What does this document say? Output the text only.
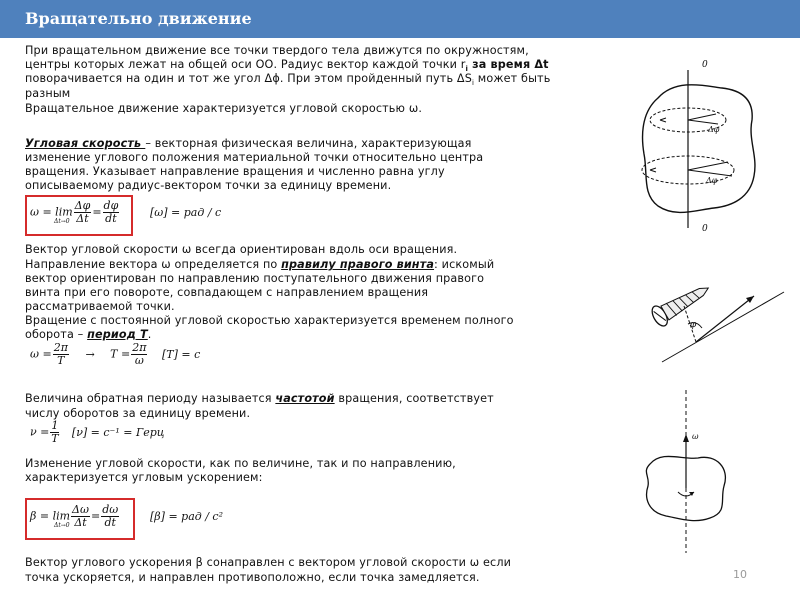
Вращательно движение
При вращательном движение все точки твердого тела движутся по окружностям,
центры которых лежат на общей оси ОО. Радиус вектор каждой точки $r_i$ за время Δt
поворачивается на один и тот же угол Δϕ. При этом пройденный путь $\Delta S_i$ может быть
разным
Вращательное движение характеризуется угловой скоростью ω.
Угловая скорость – векторная физическая величина, характеризующая
изменение углового положения материальной точки относительно центра
вращения. Указывает направление вращения и численно равна углу
описываемому радиус-вектором точки за единицу времени.
$\omega = \lim \frac{\Delta\varphi}{\Delta t} = \frac{d\varphi}{dt}$
Δt→0
[ω] = рад / с
Вектор угловой скорости ω всегда ориентирован вдоль оси вращения.
Направление вектора ω определяется по правилу правого винта: искомый
вектор ориентирован по направлению поступательного движения правого
винта при его повороте, совпадающем с направлением вращения
рассматриваемой точки.
Вращение с постоянной угловой скоростью характеризуется временем полного
оборота – период Т.
$\omega = \frac{2\pi}{T} \to T = \frac{2\pi}{\omega} [T] = c$
Величина обратная периоду называется частотой вращения, соответствует
числу оборотов за единицу времени.
$\nu = \frac{1}{T} [\nu] = c^{-1}$ = Герц
Изменение угловой скорости, как по величине, так и по направлению,
характеризуется угловым ускорением:
$\beta = \lim \frac{\Delta\omega}{\Delta t} = \frac{d\omega}{dt}$
Δt→0
[β] = рад / с²
Вектор углового ускорения β сонаправлен с вектором угловой скорости ω если
точка ускоряется, и направлен противоположно, если точка замедляется.	10
0
0
Δφ
Δφ
φ
ω
